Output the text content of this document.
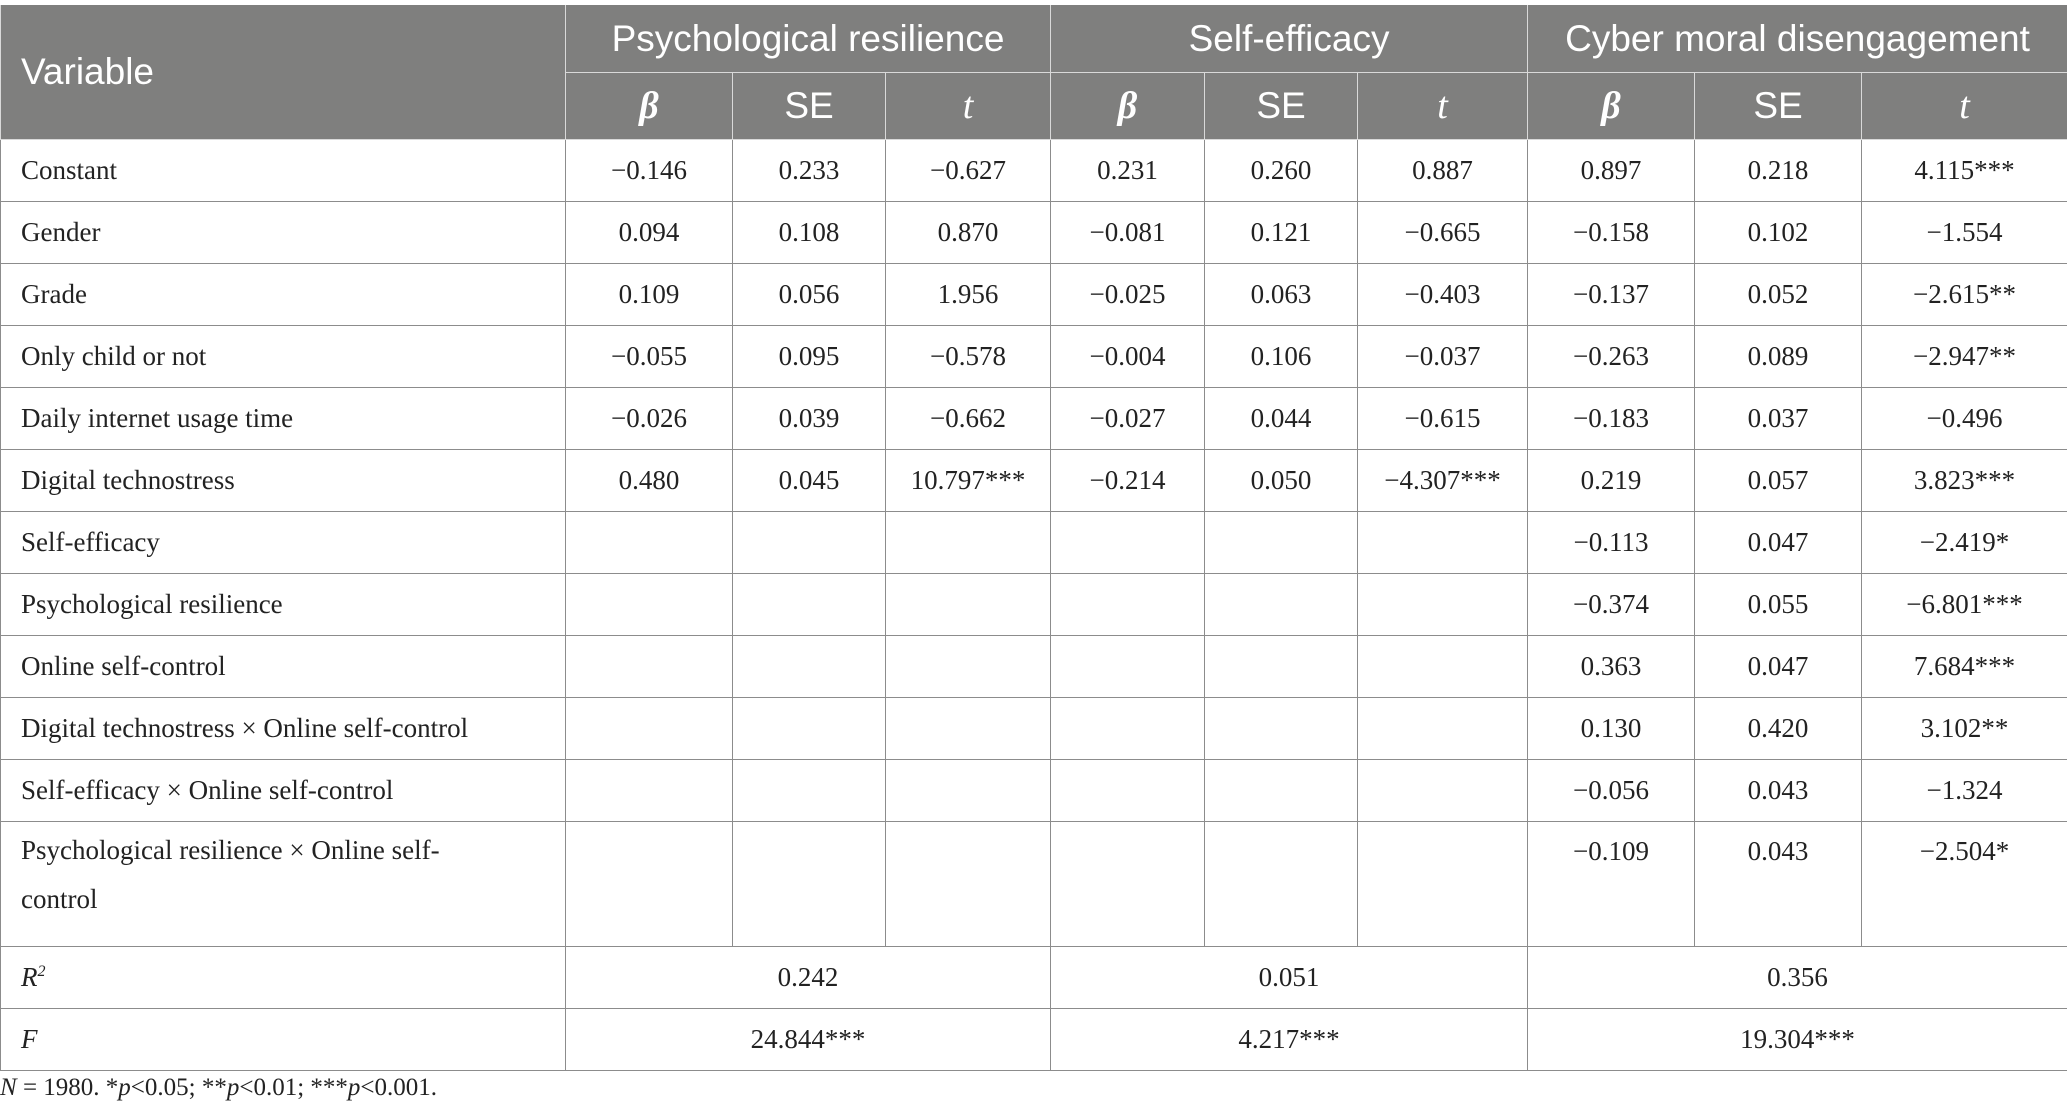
Variable	Psychological resilience			Self-efficacy			Cyber moral disengagement		
	β	SE	t	β	SE	t	β	SE	t
Constant	−0.146	0.233	−0.627	0.231	0.260	0.887	0.897	0.218	4.115***
Gender	0.094	0.108	0.870	−0.081	0.121	−0.665	−0.158	0.102	−1.554
Grade	0.109	0.056	1.956	−0.025	0.063	−0.403	−0.137	0.052	−2.615**
Only child or not	−0.055	0.095	−0.578	−0.004	0.106	−0.037	−0.263	0.089	−2.947**
Daily internet usage time	−0.026	0.039	−0.662	−0.027	0.044	−0.615	−0.183	0.037	−0.496
Digital technostress	0.480	0.045	10.797***	−0.214	0.050	−4.307***	0.219	0.057	3.823***
Self-efficacy							−0.113	0.047	−2.419*
Psychological resilience							−0.374	0.055	−6.801***
Online self-control							0.363	0.047	7.684***
Digital technostress × Online self-control							0.130	0.420	3.102**
Self-efficacy × Online self-control							−0.056	0.043	−1.324
Psychological resilience × Online self-control							−0.109	0.043	−2.504*
$R^2$	0.242			0.051			0.356		
F	24.844***			4.217***			19.304***		
N = 1980. *p<0.05; **p<0.01; ***p<0.001.
